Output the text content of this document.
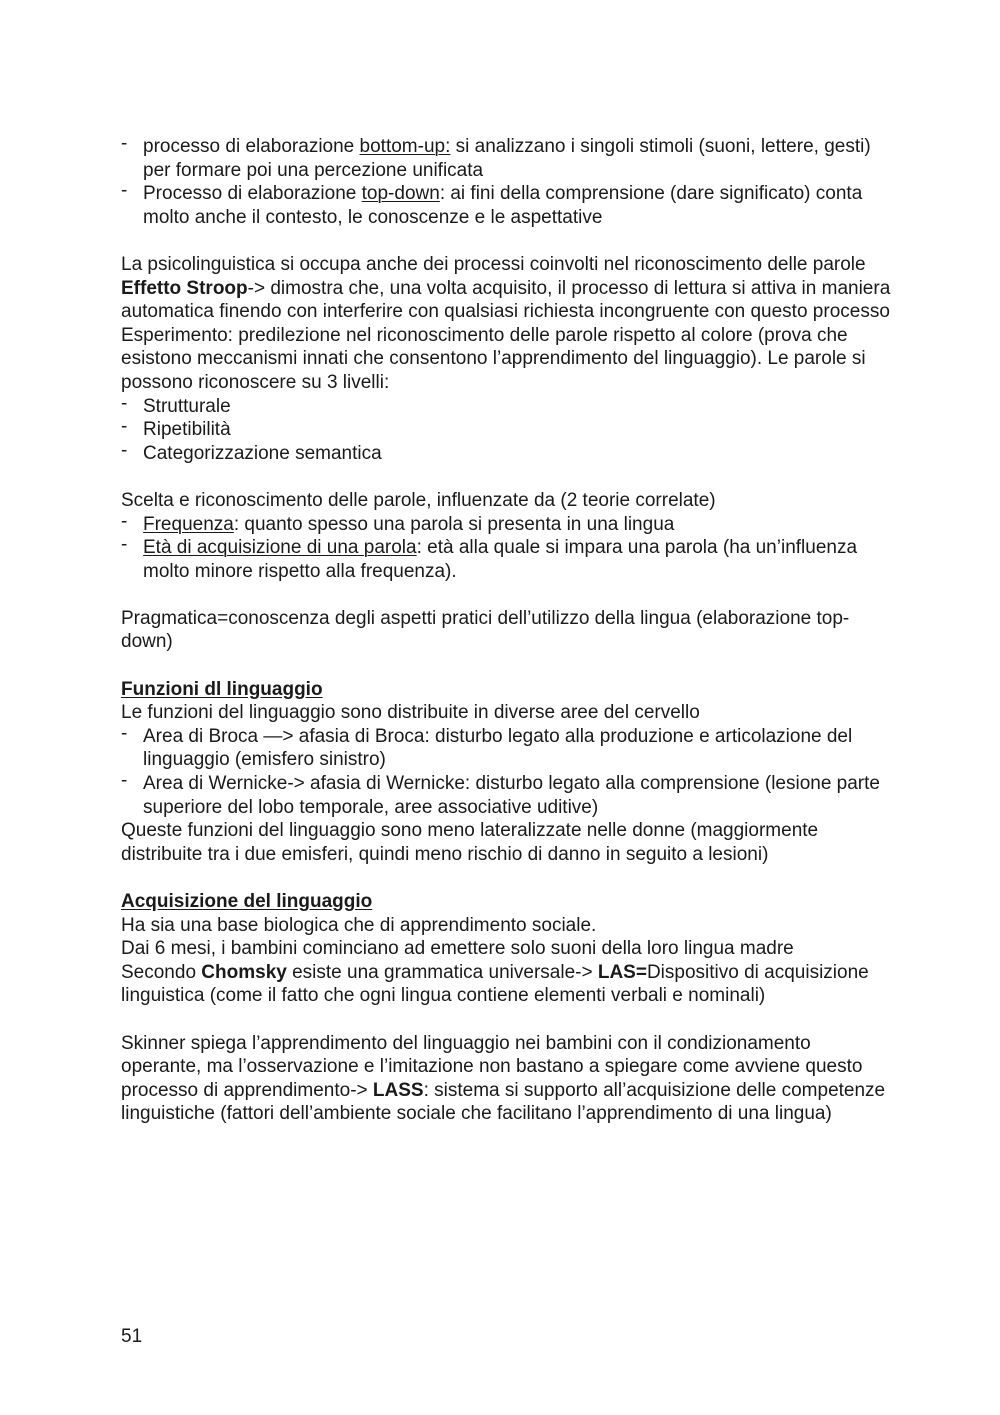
- processo di elaborazione bottom-up: si analizzano i singoli stimoli (suoni, lettere, gesti) per formare poi una percezione unificata
- Processo di elaborazione top-down: ai fini della comprensione (dare significato) conta molto anche il contesto, le conoscenze e le aspettative

La psicolinguistica si occupa anche dei processi coinvolti nel riconoscimento delle parole

Effetto Stroop-> dimostra che, una volta acquisito, il processo di lettura si attiva in maniera automatica finendo con interferire con qualsiasi richiesta incongruente con questo processo

Esperimento: predilezione nel riconoscimento delle parole rispetto al colore (prova che esistono meccanismi innati che consentono l’apprendimento del linguaggio). Le parole si possono riconoscere su 3 livelli:

- Strutturale
- Ripetibilità
- Categorizzazione semantica

Scelta e riconoscimento delle parole, influenzate da (2 teorie correlate)

- Frequenza: quanto spesso una parola si presenta in una lingua
- Età di acquisizione di una parola: età alla quale si impara una parola (ha un’influenza molto minore rispetto alla frequenza).

Pragmatica=conoscenza degli aspetti pratici dell’utilizzo della lingua (elaborazione top-down)

Funzioni dl linguaggio

Le funzioni del linguaggio sono distribuite in diverse aree del cervello

- Area di Broca —> afasia di Broca: disturbo legato alla produzione e articolazione del linguaggio (emisfero sinistro)
- Area di Wernicke-> afasia di Wernicke: disturbo legato alla comprensione (lesione parte superiore del lobo temporale, aree associative uditive)

Queste funzioni del linguaggio sono meno lateralizzate nelle donne (maggiormente distribuite tra i due emisferi, quindi meno rischio di danno in seguito a lesioni)

Acquisizione del linguaggio

Ha sia una base biologica che di apprendimento sociale.

Dai 6 mesi, i bambini cominciano ad emettere solo suoni della loro lingua madre

Secondo Chomsky esiste una grammatica universale-> LAS=Dispositivo di acquisizione linguistica (come il fatto che ogni lingua contiene elementi verbali e nominali)

Skinner spiega l’apprendimento del linguaggio nei bambini con il condizionamento operante, ma l’osservazione e l’imitazione non bastano a spiegare come avviene questo processo di apprendimento-> LASS: sistema si supporto all’acquisizione delle competenze linguistiche (fattori dell’ambiente sociale che facilitano l’apprendimento di una lingua)

51
